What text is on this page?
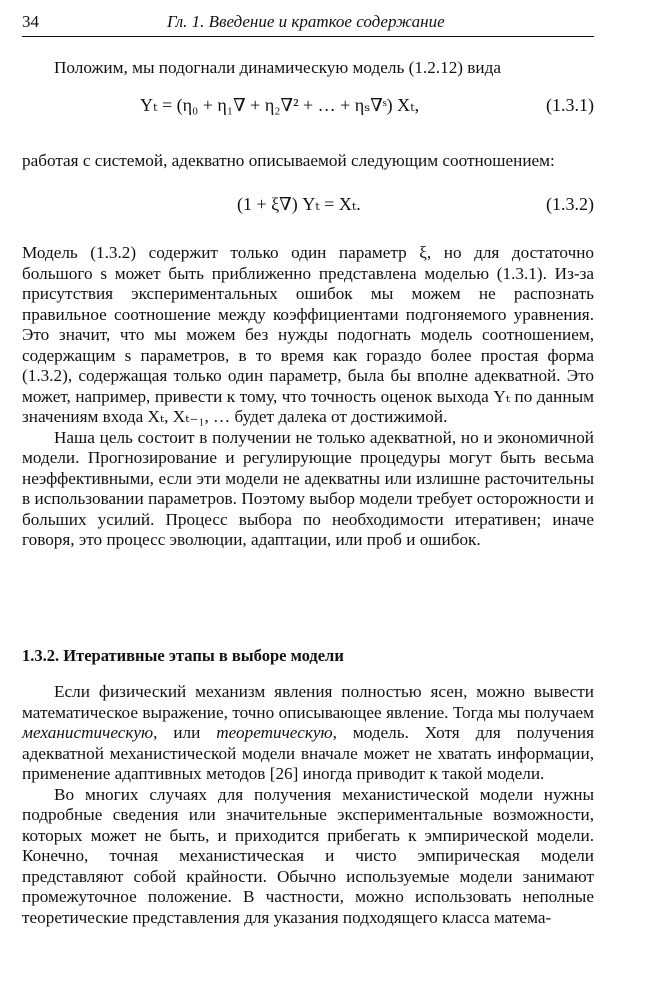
34	Гл. 1. Введение и краткое содержание

Положим, мы подогнали динамическую модель (1.2.12) вида

Yₜ = (η₀ + η₁∇ + η₂∇² + … + ηₛ∇ˢ) Xₜ,	(1.3.1)

работая с системой, адекватно описываемой следующим соотношением:

(1 + ξ∇) Yₜ = Xₜ.	(1.3.2)

Модель (1.3.2) содержит только один параметр ξ, но для достаточно большого s может быть приближенно представлена моделью (1.3.1). Из-за присутствия экспериментальных ошибок мы можем не распознать правильное соотношение между коэффициентами подгоняемого уравнения. Это значит, что мы можем без нужды подогнать модель соотношением, содержащим s параметров, в то время как гораздо более простая форма (1.3.2), содержащая только один параметр, была бы вполне адекватной. Это может, например, привести к тому, что точность оценок выхода Yₜ по данным значениям входа Xₜ, Xₜ₋₁, … будет далека от достижимой.

Наша цель состоит в получении не только адекватной, но и экономичной модели. Прогнозирование и регулирующие процедуры могут быть весьма неэффективными, если эти модели не адекватны или излишне расточительны в использовании параметров. Поэтому выбор модели требует осторожности и больших усилий. Процесс выбора по необходимости итеративен; иначе говоря, это процесс эволюции, адаптации, или проб и ошибок.

1.3.2. Итеративные этапы в выборе модели

Если физический механизм явления полностью ясен, можно вывести математическое выражение, точно описывающее явление. Тогда мы получаем механистическую, или теоретическую, модель. Хотя для получения адекватной механистической модели вначале может не хватать информации, применение адаптивных методов [26] иногда приводит к такой модели.

Во многих случаях для получения механистической модели нужны подробные сведения или значительные экспериментальные возможности, которых может не быть, и приходится прибегать к эмпирической модели. Конечно, точная механистическая и чисто эмпирическая модели представляют собой крайности. Обычно используемые модели занимают промежуточное положение. В частности, можно использовать неполные теоретические представления для указания подходящего класса матема-
